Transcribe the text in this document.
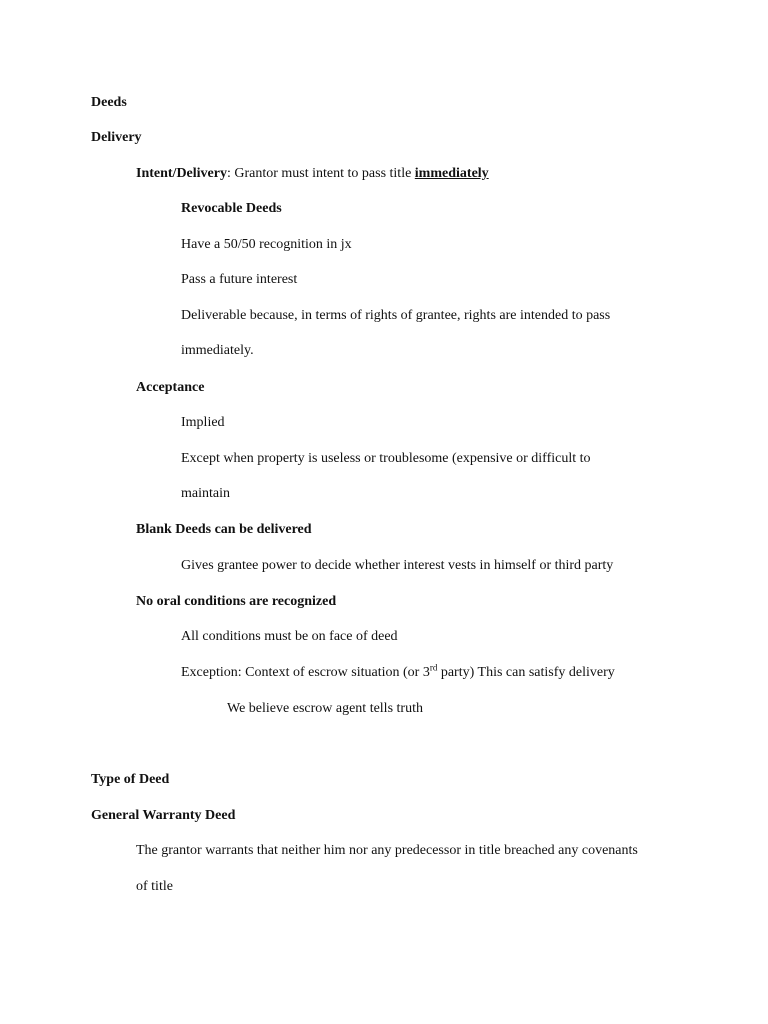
Deeds

Delivery

Intent/Delivery: Grantor must intent to pass title immediately

Revocable Deeds

Have a 50/50 recognition in jx

Pass a future interest

Deliverable because, in terms of rights of grantee, rights are intended to pass

immediately.

Acceptance

Implied

Except when property is useless or troublesome (expensive or difficult to

maintain

Blank Deeds can be delivered

Gives grantee power to decide whether interest vests in himself or third party

No oral conditions are recognized

All conditions must be on face of deed

Exception: Context of escrow situation (or 3rd party) This can satisfy delivery

We believe escrow agent tells truth

Type of Deed

General Warranty Deed

The grantor warrants that neither him nor any predecessor in title breached any covenants

of title
